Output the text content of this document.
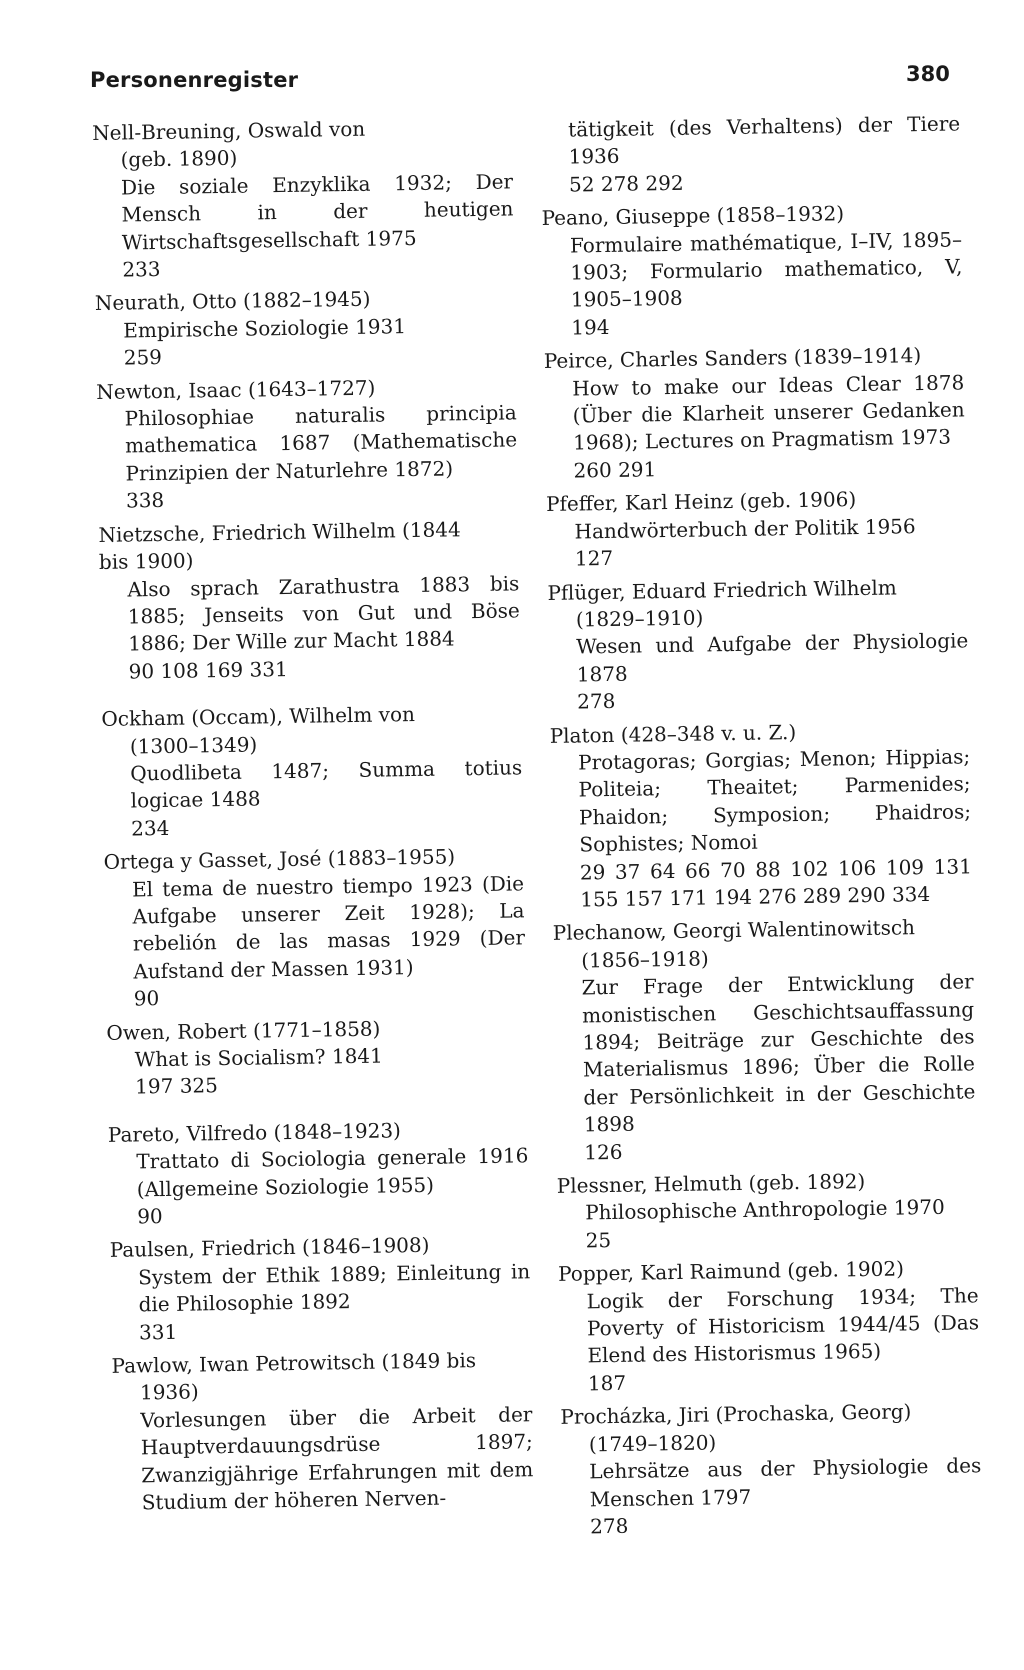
Personenregister	380
Nell-Breuning, Oswald von
(geb. 1890)
Die soziale Enzyklika 1932; Der Mensch in der heutigen Wirtschaftsgesellschaft 1975
233
Neurath, Otto (1882–1945)
Empirische Soziologie 1931
259
Newton, Isaac (1643–1727)
Philosophiae naturalis principia mathematica 1687 (Mathematische Prinzipien der Naturlehre 1872)
338
Nietzsche, Friedrich Wilhelm (1844
bis 1900)
Also sprach Zarathustra 1883 bis 1885; Jenseits von Gut und Böse 1886; Der Wille zur Macht 1884
90 108 169 331
Ockham (Occam), Wilhelm von
(1300–1349)
Quodlibeta 1487; Summa totius logicae 1488
234
Ortega y Gasset, José (1883–1955)
El tema de nuestro tiempo 1923 (Die Aufgabe unserer Zeit 1928); La rebelión de las masas 1929 (Der Aufstand der Massen 1931)
90
Owen, Robert (1771–1858)
What is Socialism? 1841
197 325
Pareto, Vilfredo (1848–1923)
Trattato di Sociologia generale 1916 (Allgemeine Soziologie 1955)
90
Paulsen, Friedrich (1846–1908)
System der Ethik 1889; Einleitung in die Philosophie 1892
331
Pawlow, Iwan Petrowitsch (1849 bis
1936)
Vorlesungen über die Arbeit der Hauptverdauungsdrüse 1897; Zwanzigjährige Erfahrungen mit dem Studium der höheren Nerven-
tätigkeit (des Verhaltens) der Tiere 1936
52 278 292
Peano, Giuseppe (1858–1932)
Formulaire mathématique, I–IV, 1895–1903; Formulario mathematico, V, 1905–1908
194
Peirce, Charles Sanders (1839–1914)
How to make our Ideas Clear 1878 (Über die Klarheit unserer Gedanken 1968); Lectures on Pragmatism 1973
260 291
Pfeffer, Karl Heinz (geb. 1906)
Handwörterbuch der Politik 1956
127
Pflüger, Eduard Friedrich Wilhelm
(1829–1910)
Wesen und Aufgabe der Physiologie 1878
278
Platon (428–348 v. u. Z.)
Protagoras; Gorgias; Menon; Hippias; Politeia; Theaitet; Parmenides; Phaidon; Symposion; Phaidros; Sophistes; Nomoi
29 37 64 66 70 88 102 106 109 131 155 157 171 194 276 289 290 334
Plechanow, Georgi Walentinowitsch
(1856–1918)
Zur Frage der Entwicklung der monistischen Geschichtsauffassung 1894; Beiträge zur Geschichte des Materialismus 1896; Über die Rolle der Persönlichkeit in der Geschichte 1898
126
Plessner, Helmuth (geb. 1892)
Philosophische Anthropologie 1970
25
Popper, Karl Raimund (geb. 1902)
Logik der Forschung 1934; The Poverty of Historicism 1944/45 (Das Elend des Historismus 1965)
187
Procházka, Jiri (Prochaska, Georg)
(1749–1820)
Lehrsätze aus der Physiologie des Menschen 1797
278
